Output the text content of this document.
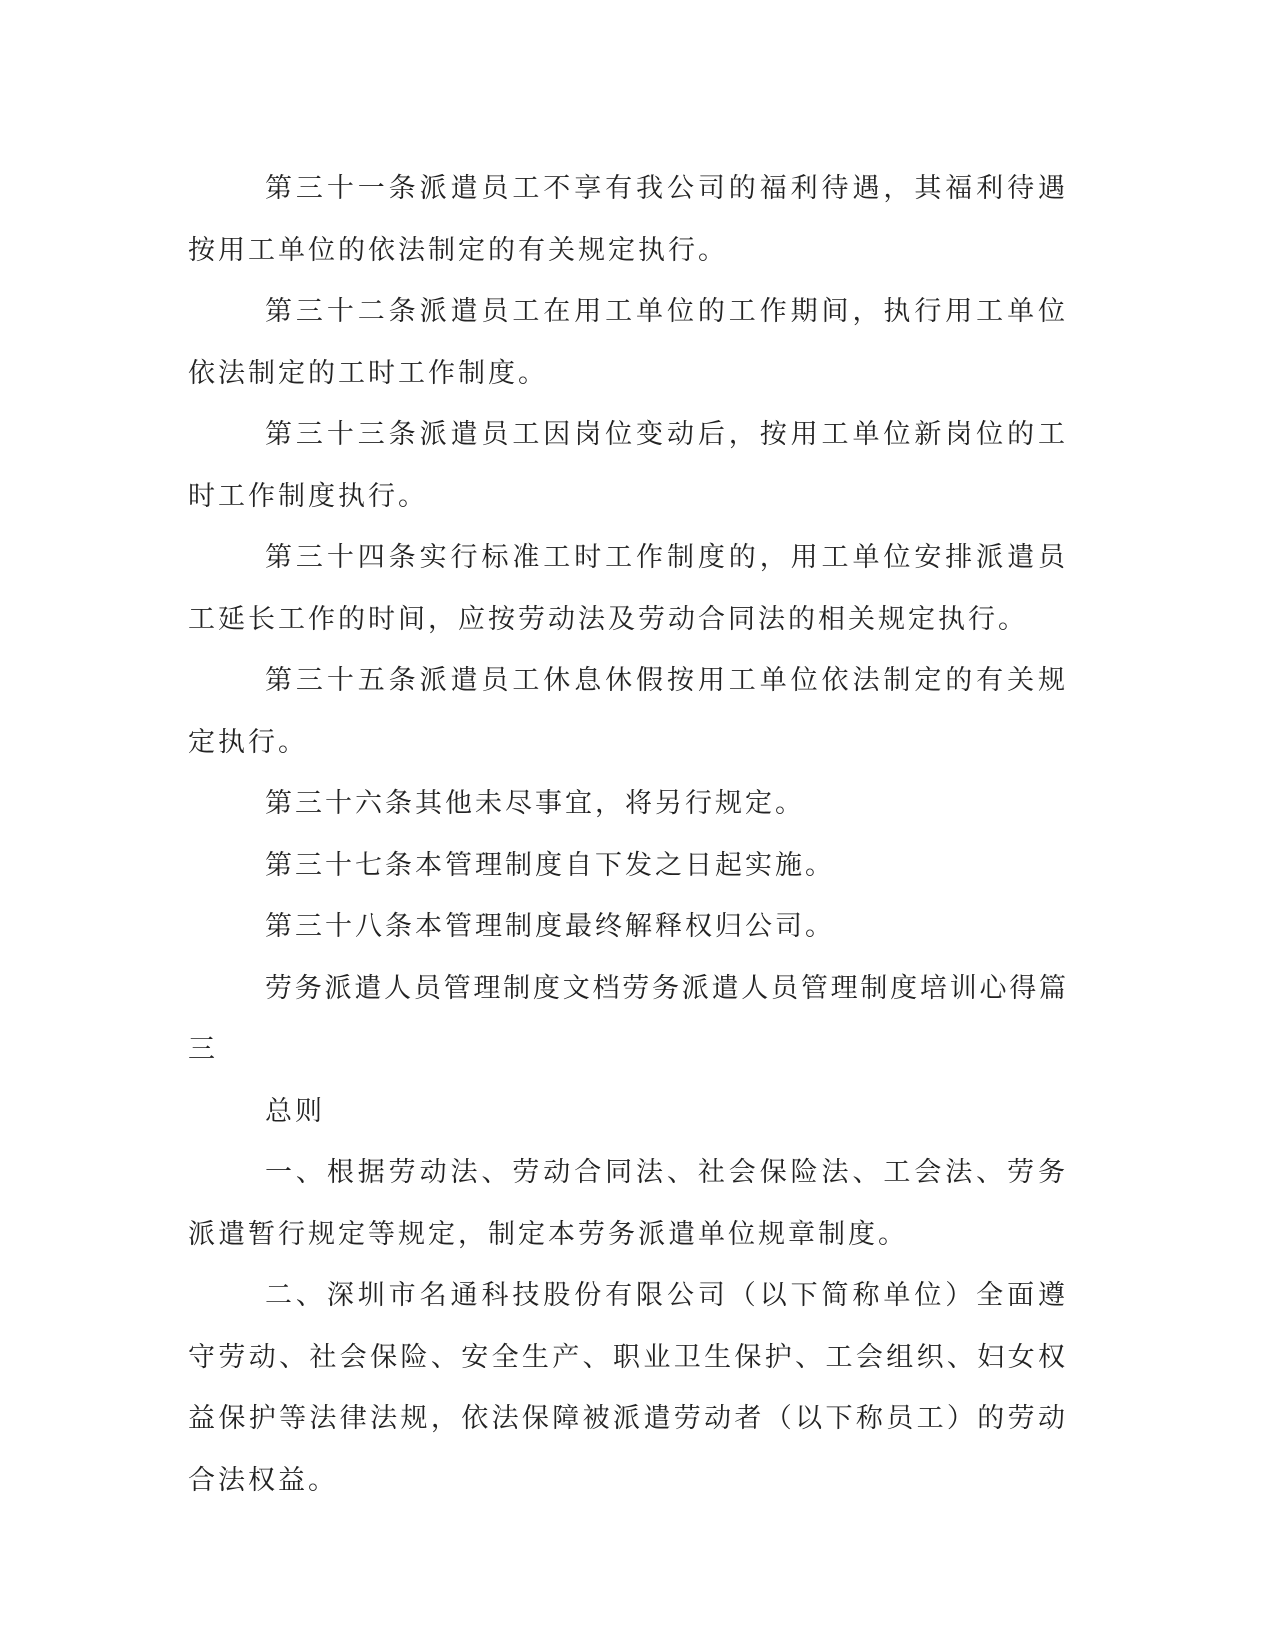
第三十一条派遣员工不享有我公司的福利待遇，其福利待遇按用工单位的依法制定的有关规定执行。

第三十二条派遣员工在用工单位的工作期间，执行用工单位依法制定的工时工作制度。

第三十三条派遣员工因岗位变动后，按用工单位新岗位的工时工作制度执行。

第三十四条实行标准工时工作制度的，用工单位安排派遣员工延长工作的时间，应按劳动法及劳动合同法的相关规定执行。

第三十五条派遣员工休息休假按用工单位依法制定的有关规定执行。

第三十六条其他未尽事宜，将另行规定。

第三十七条本管理制度自下发之日起实施。

第三十八条本管理制度最终解释权归公司。

劳务派遣人员管理制度文档劳务派遣人员管理制度培训心得篇三

总则

一、根据劳动法、劳动合同法、社会保险法、工会法、劳务派遣暂行规定等规定，制定本劳务派遣单位规章制度。

二、深圳市名通科技股份有限公司（以下简称单位）全面遵守劳动、社会保险、安全生产、职业卫生保护、工会组织、妇女权益保护等法律法规，依法保障被派遣劳动者（以下称员工）的劳动合法权益。
